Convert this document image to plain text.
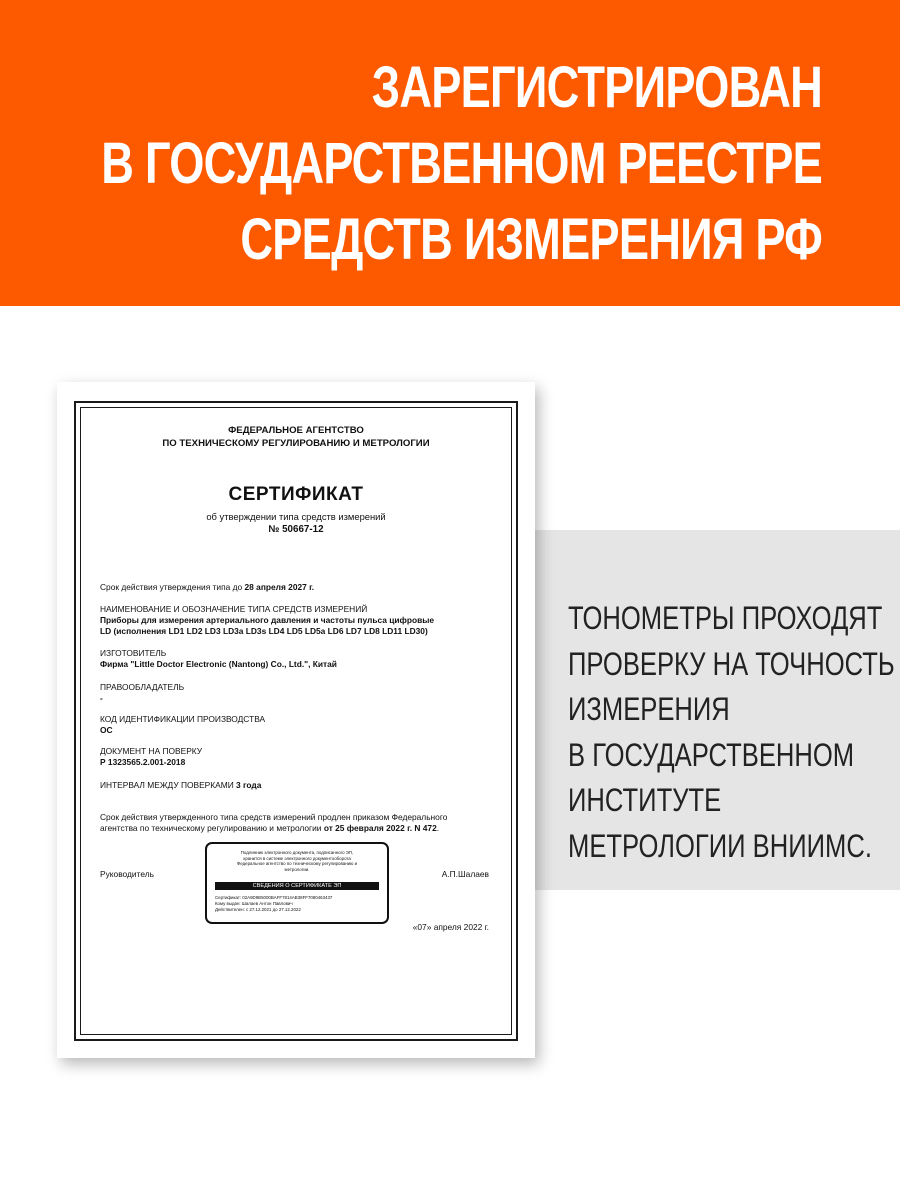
ЗАРЕГИСТРИРОВАН
В ГОСУДАРСТВЕННОМ РЕЕСТРЕ
СРЕДСТВ ИЗМЕРЕНИЯ РФ
ТОНОМЕТРЫ ПРОХОДЯТ
ПРОВЕРКУ НА ТОЧНОСТЬ
ИЗМЕРЕНИЯ
В ГОСУДАРСТВЕННОМ
ИНСТИТУТЕ
МЕТРОЛОГИИ ВНИИМС.
ФЕДЕРАЛЬНОЕ АГЕНТСТВО
ПО ТЕХНИЧЕСКОМУ РЕГУЛИРОВАНИЮ И МЕТРОЛОГИИ
СЕРТИФИКАТ
об утверждении типа средств измерений
№ 50667-12
Срок действия утверждения типа до 28 апреля 2027 г.
НАИМЕНОВАНИЕ И ОБОЗНАЧЕНИЕ ТИПА СРЕДСТВ ИЗМЕРЕНИЙ
Приборы для измерения артериального давления и частоты пульса цифровые
LD (исполнения LD1 LD2 LD3 LD3a LD3s LD4 LD5 LD5a LD6 LD7 LD8 LD11 LD30)
ИЗГОТОВИТЕЛЬ
Фирма "Little Doctor Electronic (Nantong) Co., Ltd.", Китай
ПРАВООБЛАДАТЕЛЬ
-
КОД ИДЕНТИФИКАЦИИ ПРОИЗВОДСТВА
ОС
ДОКУМЕНТ НА ПОВЕРКУ
Р 1323565.2.001-2018
ИНТЕРВАЛ МЕЖДУ ПОВЕРКАМИ 3 года
Срок действия утвержденного типа средств измерений продлен приказом Федерального
агентства по техническому регулированию и метрологии от 25 февраля 2022 г. N 472.
Руководитель	А.П.Шалаев
Подлинник электронного документа, подписанного ЭП,
хранится в системе электронного документооборота
Федеральное агентство по техническому регулированию и
метрологии.
СВЕДЕНИЯ О СЕРТИФИКАТЕ ЭП
Сертификат: 02A9D9B5000BAFF7814AB38FF7080463437
Кому выдан: Шалаев Антон Павлович
Действителен: с 27.12.2021 до 27.12.2022
«07» апреля 2022 г.
